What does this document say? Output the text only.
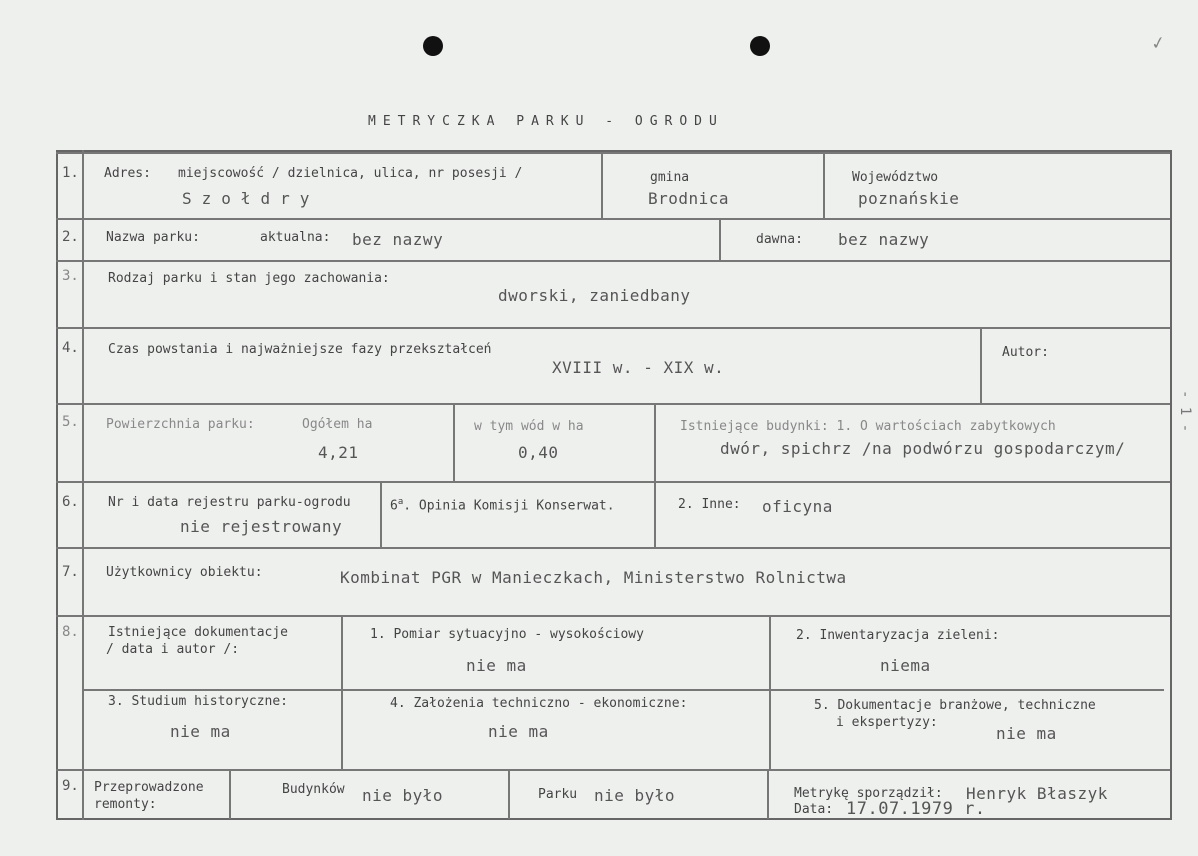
✓
- 1 -
METRYCZKA PARKU - OGRODU
1. Adres: miejscowość / dzielnica, ulica, nr posesji /
Szołdry
gmina
Brodnica
Województwo
poznańskie
2. Nazwa parku:	aktualna: bez nazwy	dawna: bez nazwy
3. Rodzaj parku i stan jego zachowania:
dworski, zaniedbany
4. Czas powstania i najważniejsze fazy przekształceń
XVIII w. - XIX w.
Autor:
5. Powierzchnia parku:	Ogółem ha
4,21
w tym wód w ha
0,40
Istniejące budynki: 1. O wartościach zabytkowych
dwór, spichrz /na podwórzu gospodarczym/
6. Nr i data rejestru parku-ogrodu
nie rejestrowany
6$^a$. Opinia Komisji Konserwat.	2. Inne: oficyna
7. Użytkownicy obiektu:	Kombinat PGR w Manieczkach, Ministerstwo Rolnictwa
8. Istniejące dokumentacje
/ data i autor /:
1. Pomiar sytuacyjno - wysokościowy
nie ma
2. Inwentaryzacja zieleni:
niema
3. Studium historyczne:
nie ma
4. Założenia techniczno - ekonomiczne:
nie ma
5. Dokumentacje branżowe, techniczne
i ekspertyzy:
nie ma
9. Przeprowadzone
remonty:
Budynków nie było	Parku nie było	Metrykę sporządził: Henryk Błaszyk
Data: 17.07.1979 r.
